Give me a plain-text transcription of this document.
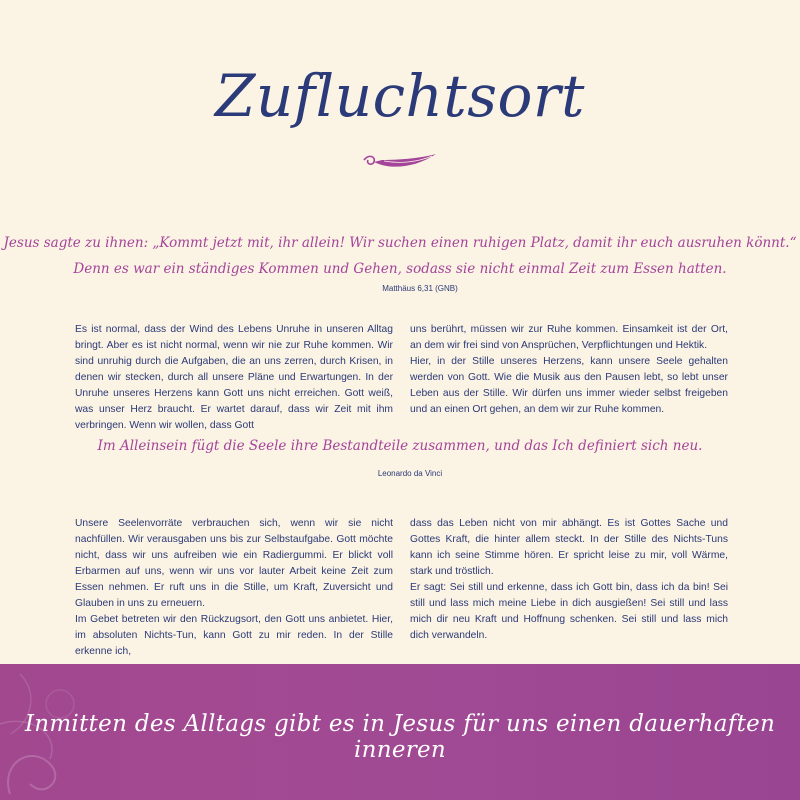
Zufluchtsort
Jesus sagte zu ihnen: „Kommt jetzt mit, ihr allein! Wir suchen einen ruhigen Platz, damit ihr euch ausruhen könnt.“
Denn es war ein ständiges Kommen und Gehen, sodass sie nicht einmal Zeit zum Essen hatten.
Matthäus 6,31 (GNB)

Es ist normal, dass der Wind des Lebens Unruhe in unseren Alltag bringt. Aber es ist nicht normal, wenn wir nie zur Ruhe kommen. Wir sind unruhig durch die Aufgaben, die an uns zerren, durch Krisen, in denen wir stecken, durch all unsere Pläne und Erwartungen. In der Unruhe unseres Herzens kann Gott uns nicht erreichen. Gott weiß, was unser Herz braucht. Er wartet darauf, dass wir Zeit mit ihm verbringen. Wenn wir wollen, dass Gott

uns berührt, müssen wir zur Ruhe kommen. Einsamkeit ist der Ort, an dem wir frei sind von Ansprüchen, Verpflichtungen und Hektik.

Hier, in der Stille unseres Herzens, kann unsere Seele gehalten werden von Gott. Wie die Musik aus den Pausen lebt, so lebt unser Leben aus der Stille. Wir dürfen uns immer wieder selbst freigeben und an einen Ort gehen, an dem wir zur Ruhe kommen.

Im Alleinsein fügt die Seele ihre Bestandteile zusammen, und das Ich definiert sich neu.
Leonardo da Vinci

Unsere Seelenvorräte verbrauchen sich, wenn wir sie nicht nachfüllen. Wir verausgaben uns bis zur Selbstaufgabe. Gott möchte nicht, dass wir uns aufreiben wie ein Radiergummi. Er blickt voll Erbarmen auf uns, wenn wir uns vor lauter Arbeit keine Zeit zum Essen nehmen. Er ruft uns in die Stille, um Kraft, Zuversicht und Glauben in uns zu erneuern.

Im Gebet betreten wir den Rückzugsort, den Gott uns anbietet. Hier, im absoluten Nichts-Tun, kann Gott zu mir reden. In der Stille erkenne ich,

dass das Leben nicht von mir abhängt. Es ist Gottes Sache und Gottes Kraft, die hinter allem steckt. In der Stille des Nichts-Tuns kann ich seine Stimme hören. Er spricht leise zu mir, voll Wärme, stark und tröstlich.

Er sagt: Sei still und erkenne, dass ich Gott bin, dass ich da bin! Sei still und lass mich meine Liebe in dich ausgießen! Sei still und lass mich dir neu Kraft und Hoffnung schenken. Sei still und lass mich dich verwandeln.

Inmitten des Alltags gibt es in Jesus für uns einen dauerhaften inneren
